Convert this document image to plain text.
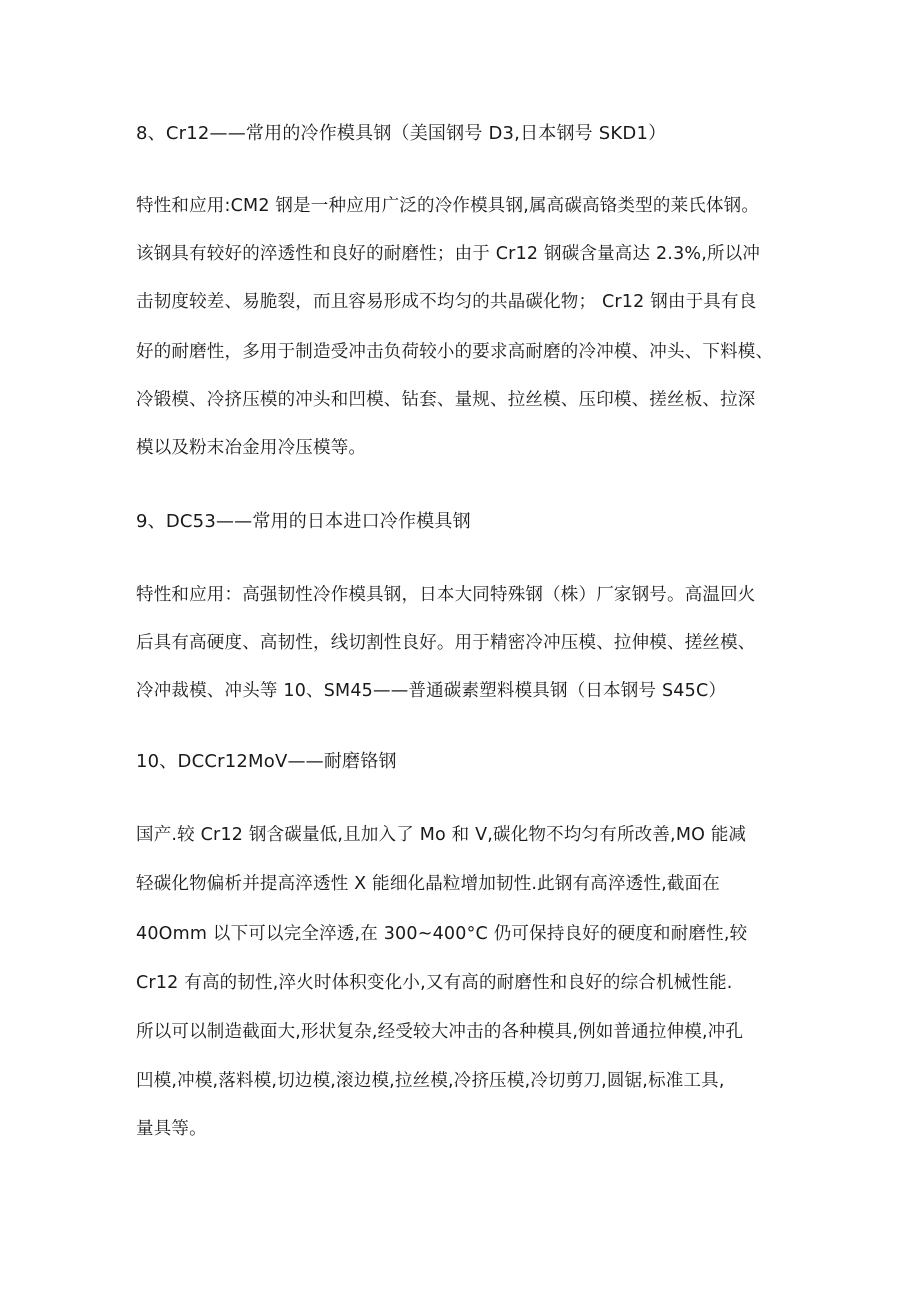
8、Cr12——常用的冷作模具钢（美国钢号 D3,日本钢号 SKD1）
特性和应用:CM2 钢是一种应用广泛的冷作模具钢,属高碳高铬类型的莱氏体钢。
该钢具有较好的淬透性和良好的耐磨性；由于 Cr12 钢碳含量高达 2.3%,所以冲
击韧度较差、易脆裂，而且容易形成不均匀的共晶碳化物； Cr12 钢由于具有良
好的耐磨性，多用于制造受冲击负荷较小的要求高耐磨的冷冲模、冲头、下料模、
冷锻模、冷挤压模的冲头和凹模、钻套、量规、拉丝模、压印模、搓丝板、拉深
模以及粉末冶金用冷压模等。
9、DC53——常用的日本进口冷作模具钢
特性和应用：高强韧性冷作模具钢，日本大同特殊钢（株）厂家钢号。高温回火
后具有高硬度、高韧性，线切割性良好。用于精密冷冲压模、拉伸模、搓丝模、
冷冲裁模、冲头等 10、SM45——普通碳素塑料模具钢（日本钢号 S45C）
10、DCCr12MoV——耐磨铬钢
国产.较 Cr12 钢含碳量低,且加入了 Mo 和 V,碳化物不均匀有所改善,MO 能减
轻碳化物偏析并提高淬透性 X 能细化晶粒增加韧性.此钢有高淬透性,截面在
40Omm 以下可以完全淬透,在 300~400°C 仍可保持良好的硬度和耐磨性,较
Cr12 有高的韧性,淬火时体积变化小,又有高的耐磨性和良好的综合机械性能.
所以可以制造截面大,形状复杂,经受较大冲击的各种模具,例如普通拉伸模,冲孔
凹模,冲模,落料模,切边模,滚边模,拉丝模,冷挤压模,冷切剪刀,圆锯,标准工具,
量具等。
